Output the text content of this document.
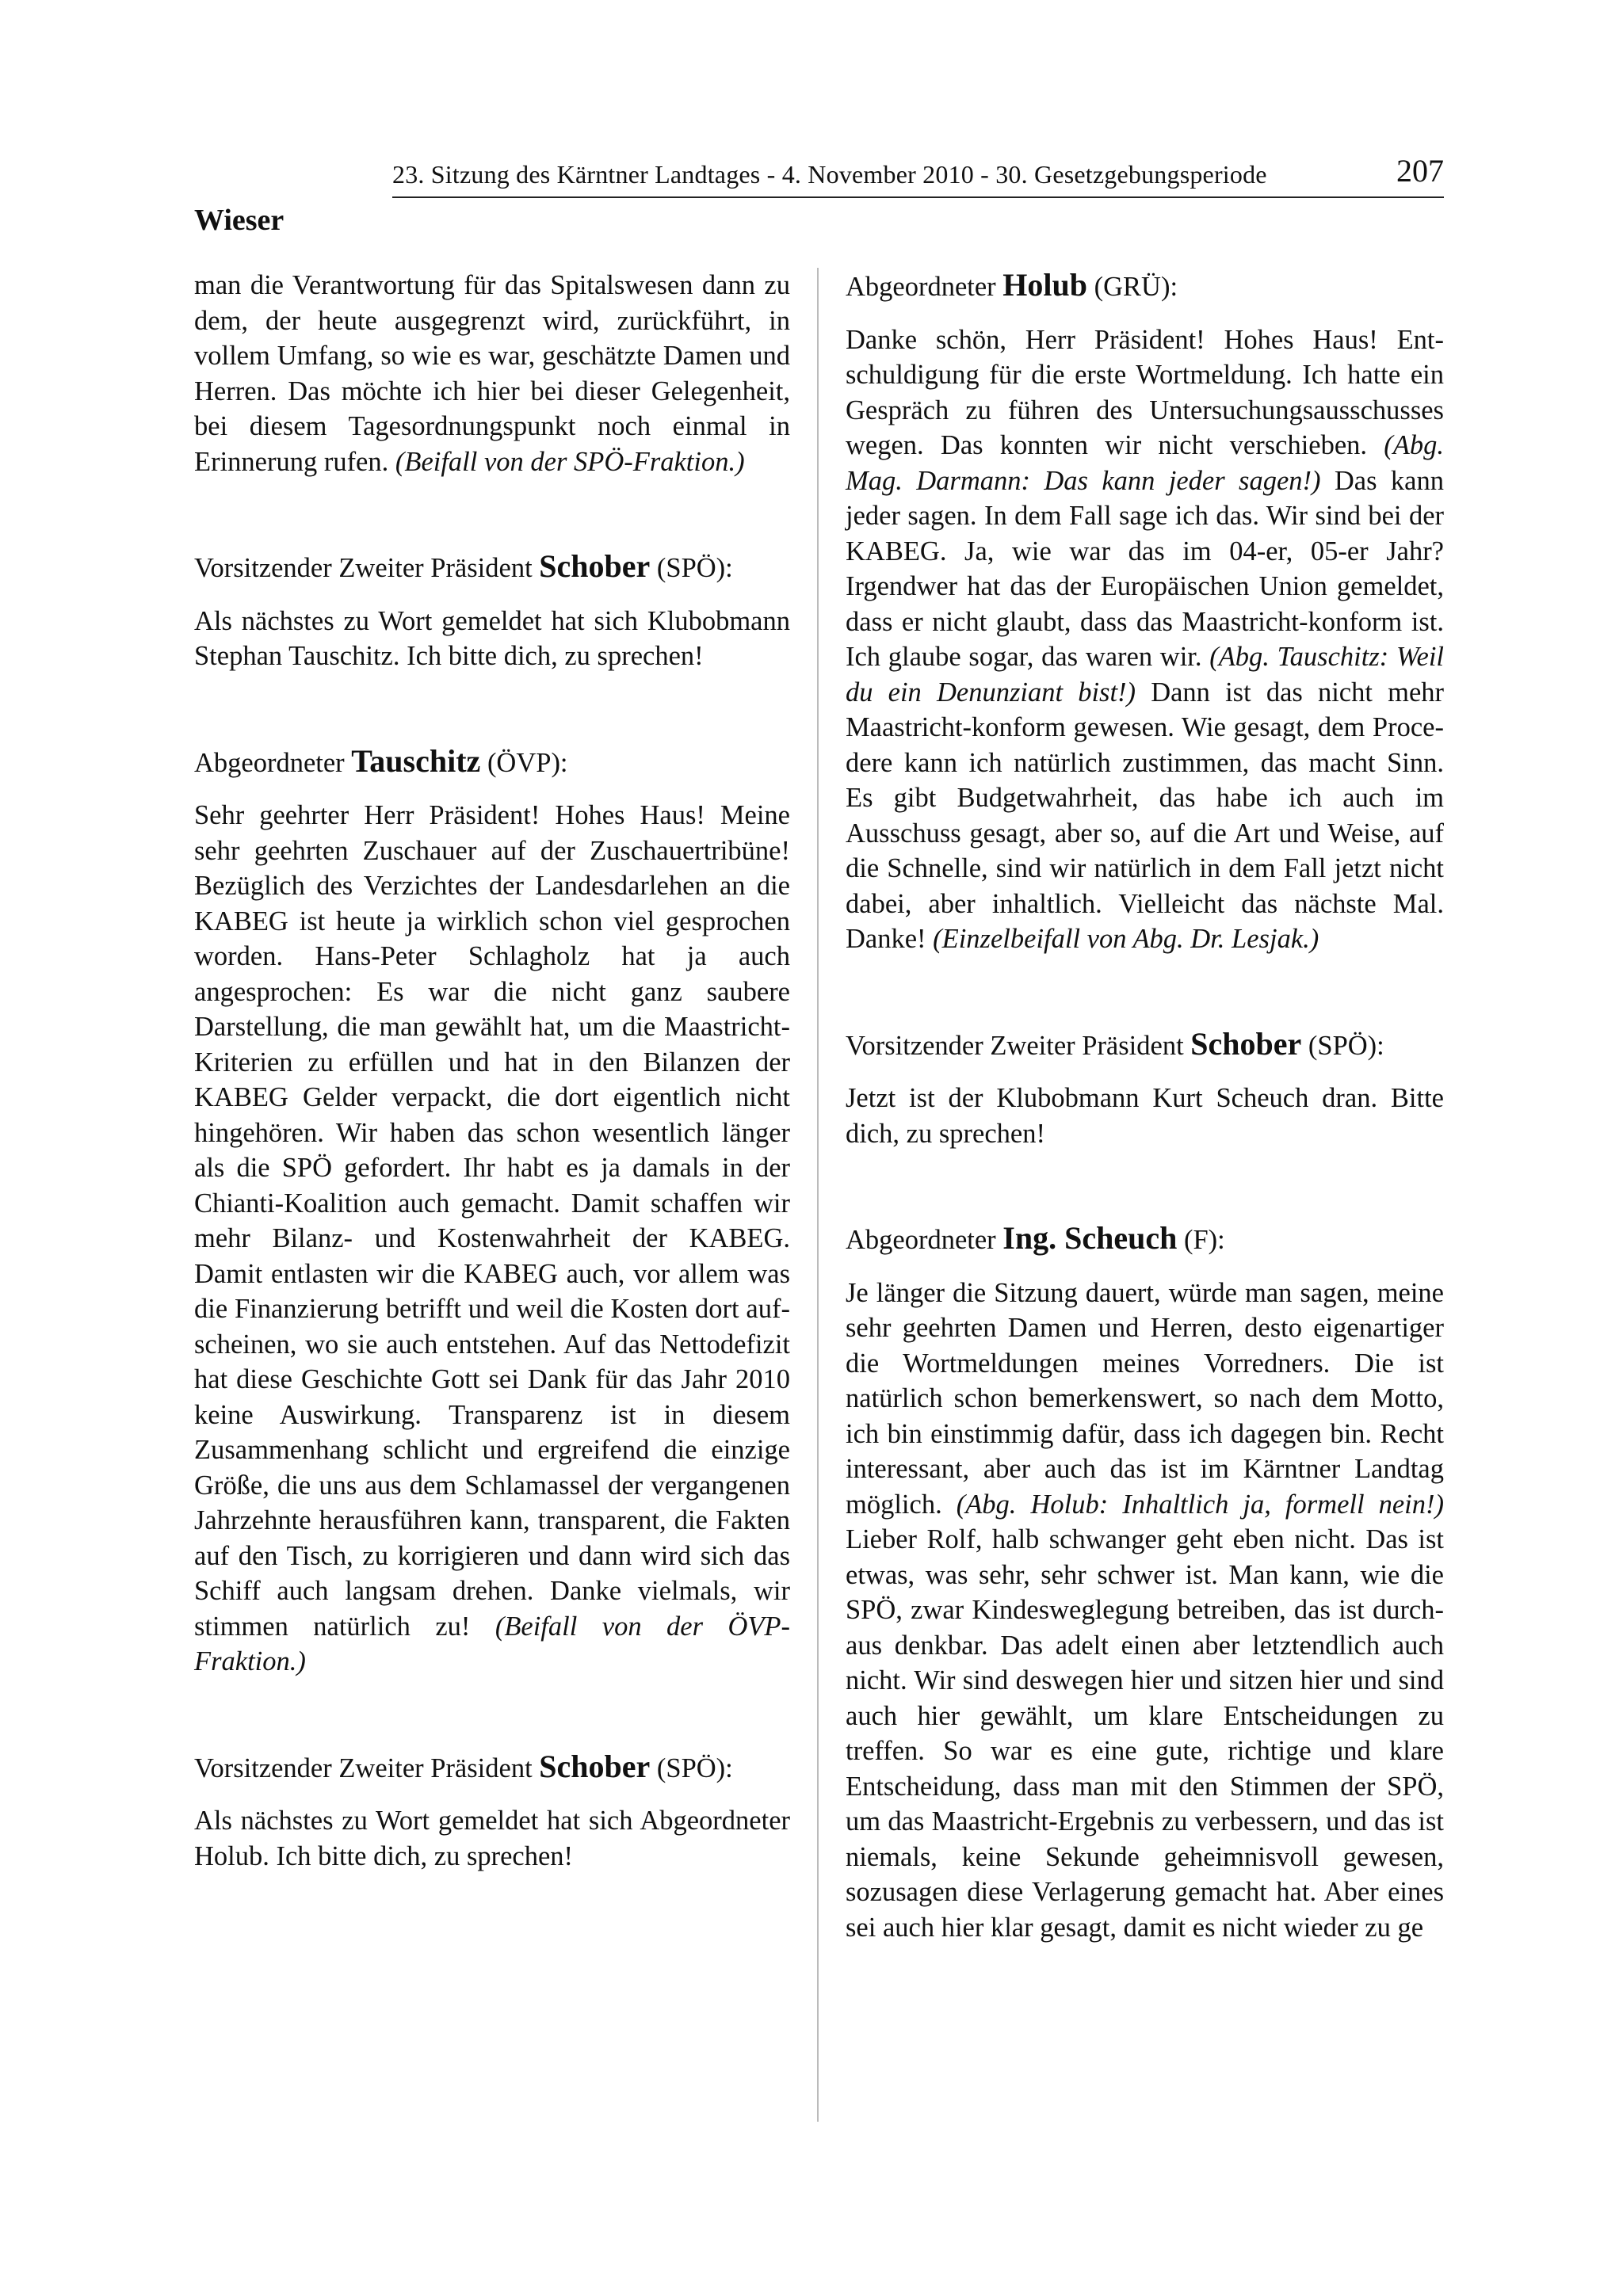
23. Sitzung des Kärntner Landtages - 4. November 2010 - 30. Gesetzgebungsperiode	207
Wieser

man die Verantwortung für das Spitalswesen dann zu dem, der heute ausgegrenzt wird, zurückführt, in vollem Umfang, so wie es war, geschätzte Damen und Herren. Das möchte ich hier bei dieser Gelegenheit, bei diesem Tagesordnungspunkt noch einmal in Erinnerung rufen. (Beifall von der SPÖ-Fraktion.)

Vorsitzender Zweiter Präsident Schober (SPÖ):

Als nächstes zu Wort gemeldet hat sich Klubobmann Stephan Tauschitz. Ich bitte dich, zu sprechen!

Abgeordneter Tauschitz (ÖVP):

Sehr geehrter Herr Präsident! Hohes Haus! Meine sehr geehrten Zuschauer auf der Zuschauertribüne! Bezüglich des Verzichtes der Landesdarlehen an die KABEG ist heute ja wirklich schon viel gesprochen worden. Hans-Peter Schlagholz hat ja auch angesprochen: Es war die nicht ganz saubere Darstellung, die man gewählt hat, um die Maastricht-Kriterien zu erfüllen und hat in den Bilanzen der KABEG Gelder verpackt, die dort eigentlich nicht hingehören. Wir haben das schon wesentlich länger als die SPÖ gefordert. Ihr habt es ja damals in der Chianti-Koalition auch gemacht. Damit schaffen wir mehr Bilanz- und Kostenwahrheit der KABEG. Damit entlasten wir die KABEG auch, vor allem was die Finanzierung betrifft und weil die Kosten dort aufscheinen, wo sie auch entstehen. Auf das Nettodefizit hat diese Geschichte Gott sei Dank für das Jahr 2010 keine Auswirkung. Transparenz ist in diesem Zusammenhang schlicht und ergreifend die einzige Größe, die uns aus dem Schlamassel der vergangenen Jahrzehnte herausführen kann, transparent, die Fakten auf den Tisch, zu korrigieren und dann wird sich das Schiff auch langsam drehen. Danke vielmals, wir stimmen natürlich zu! (Beifall von der ÖVP-Fraktion.)

Vorsitzender Zweiter Präsident Schober (SPÖ):

Als nächstes zu Wort gemeldet hat sich Abgeordneter Holub. Ich bitte dich, zu sprechen!

Abgeordneter Holub (GRÜ):

Danke schön, Herr Präsident! Hohes Haus! Entschuldigung für die erste Wortmeldung. Ich hatte ein Gespräch zu führen des Untersuchungsausschusses wegen. Das konnten wir nicht verschieben. (Abg. Mag. Darmann: Das kann jeder sagen!) Das kann jeder sagen. In dem Fall sage ich das. Wir sind bei der KABEG. Ja, wie war das im 04-er, 05-er Jahr? Irgendwer hat das der Europäischen Union gemeldet, dass er nicht glaubt, dass das Maastricht-konform ist. Ich glaube sogar, das waren wir. (Abg. Tauschitz: Weil du ein Denunziant bist!) Dann ist das nicht mehr Maastricht-konform gewesen. Wie gesagt, dem Procedere kann ich natürlich zustimmen, das macht Sinn. Es gibt Budgetwahrheit, das habe ich auch im Ausschuss gesagt, aber so, auf die Art und Weise, auf die Schnelle, sind wir natürlich in dem Fall jetzt nicht dabei, aber inhaltlich. Vielleicht das nächste Mal. Danke! (Einzelbeifall von Abg. Dr. Lesjak.)

Vorsitzender Zweiter Präsident Schober (SPÖ):

Jetzt ist der Klubobmann Kurt Scheuch dran. Bitte dich, zu sprechen!

Abgeordneter Ing. Scheuch (F):

Je länger die Sitzung dauert, würde man sagen, meine sehr geehrten Damen und Herren, desto eigenartiger die Wortmeldungen meines Vorredners. Die ist natürlich schon bemerkenswert, so nach dem Motto, ich bin einstimmig dafür, dass ich dagegen bin. Recht interessant, aber auch das ist im Kärntner Landtag möglich. (Abg. Holub: Inhaltlich ja, formell nein!) Lieber Rolf, halb schwanger geht eben nicht. Das ist etwas, was sehr, sehr schwer ist. Man kann, wie die SPÖ, zwar Kindesweglegung betreiben, das ist durchaus denkbar. Das adelt einen aber letztendlich auch nicht. Wir sind deswegen hier und sitzen hier und sind auch hier gewählt, um klare Entscheidungen zu treffen. So war es eine gute, richtige und klare Entscheidung, dass man mit den Stimmen der SPÖ, um das Maastricht-Ergebnis zu verbessern, und das ist niemals, keine Sekunde geheimnisvoll gewesen, sozusagen diese Verlagerung gemacht hat. Aber eines sei auch hier klar gesagt, damit es nicht wieder zu ge
